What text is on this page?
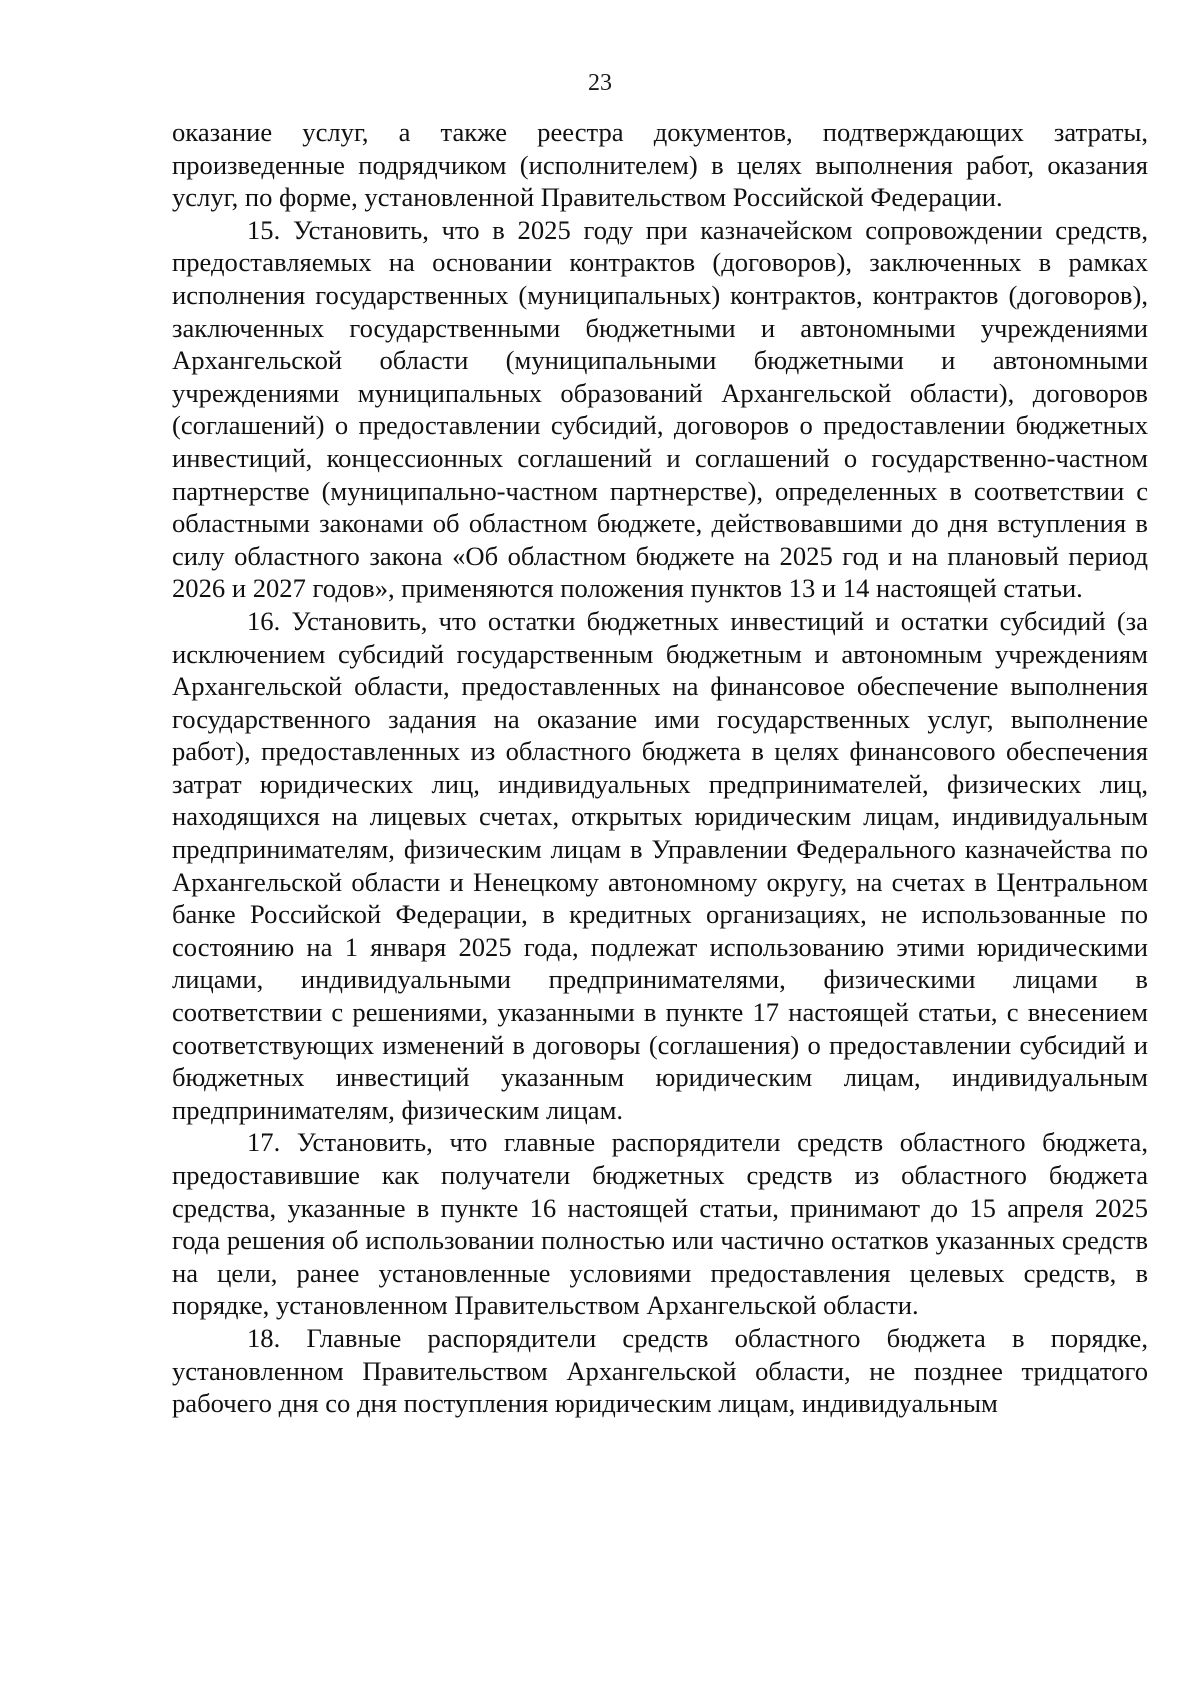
23

оказание услуг, а также реестра документов, подтверждающих затраты, произведенные подрядчиком (исполнителем) в целях выполнения работ, оказания услуг, по форме, установленной Правительством Российской Федерации.

15. Установить, что в 2025 году при казначейском сопровождении средств, предоставляемых на основании контрактов (договоров), заключенных в рамках исполнения государственных (муниципальных) контрактов, контрактов (договоров), заключенных государственными бюджетными и автономными учреждениями Архангельской области (муниципальными бюджетными и автономными учреждениями муниципальных образований Архангельской области), договоров (соглашений) о предоставлении субсидий, договоров о предоставлении бюджетных инвестиций, концессионных соглашений и соглашений о государственно-частном партнерстве (муниципально-частном партнерстве), определенных в соответствии с областными законами об областном бюджете, действовавшими до дня вступления в силу областного закона «Об областном бюджете на 2025 год и на плановый период 2026 и 2027 годов», применяются положения пунктов 13 и 14 настоящей статьи.

16. Установить, что остатки бюджетных инвестиций и остатки субсидий (за исключением субсидий государственным бюджетным и автономным учреждениям Архангельской области, предоставленных на финансовое обеспечение выполнения государственного задания на оказание ими государственных услуг, выполнение работ), предоставленных из областного бюджета в целях финансового обеспечения затрат юридических лиц, индивидуальных предпринимателей, физических лиц, находящихся на лицевых счетах, открытых юридическим лицам, индивидуальным предпринимателям, физическим лицам в Управлении Федерального казначейства по Архангельской области и Ненецкому автономному округу, на счетах в Центральном банке Российской Федерации, в кредитных организациях, не использованные по состоянию на 1 января 2025 года, подлежат использованию этими юридическими лицами, индивидуальными предпринимателями, физическими лицами в соответствии с решениями, указанными в пункте 17 настоящей статьи, с внесением соответствующих изменений в договоры (соглашения) о предоставлении субсидий и бюджетных инвестиций указанным юридическим лицам, индивидуальным предпринимателям, физическим лицам.

17. Установить, что главные распорядители средств областного бюджета, предоставившие как получатели бюджетных средств из областного бюджета средства, указанные в пункте 16 настоящей статьи, принимают до 15 апреля 2025 года решения об использовании полностью или частично остатков указанных средств на цели, ранее установленные условиями предоставления целевых средств, в порядке, установленном Правительством Архангельской области.

18. Главные распорядители средств областного бюджета в порядке, установленном Правительством Архангельской области, не позднее тридцатого рабочего дня со дня поступления юридическим лицам, индивидуальным
